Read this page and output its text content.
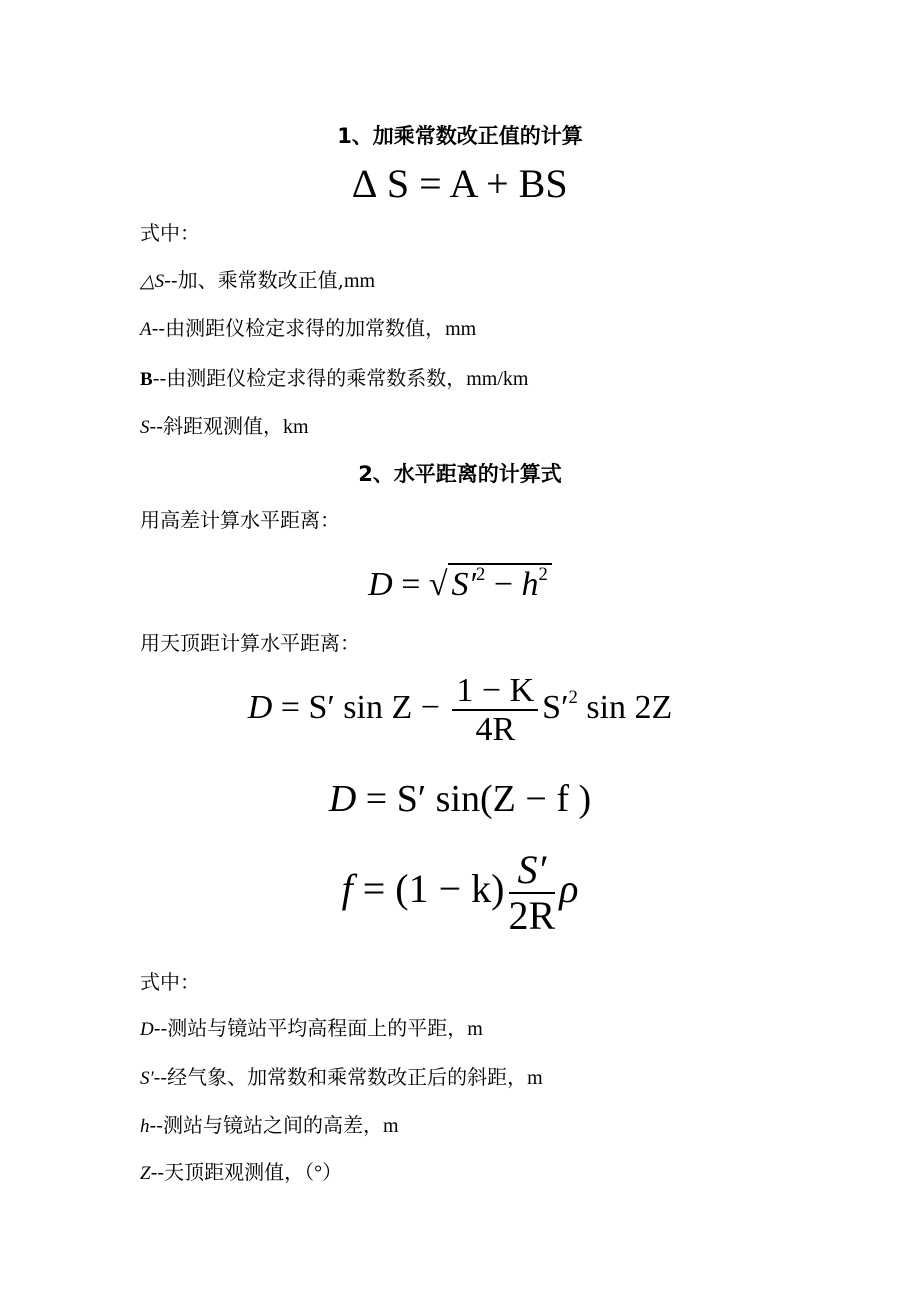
1、加乘常数改正值的计算
∆ S = A + BS
式中：
△S--加、乘常数改正值,mm
A--由测距仪检定求得的加常数值，mm
B--由测距仪检定求得的乘常数系数，mm/km
S--斜距观测值，km
2、水平距离的计算式
用高差计算水平距离：
D = √ $S'^2 - h^2$
用天顶距计算水平距离：
D = S′ $\sin Z - \frac{1 - K}{4R} S'^2$ sin 2Z
D = S′ sin(Z − f )
$f = (1 - k) \frac{S'}{2R}$ ρ
式中：
D--测站与镜站平均高程面上的平距，m
S′--经气象、加常数和乘常数改正后的斜距，m
h--测站与镜站之间的高差，m
Z--天顶距观测值，（°）
